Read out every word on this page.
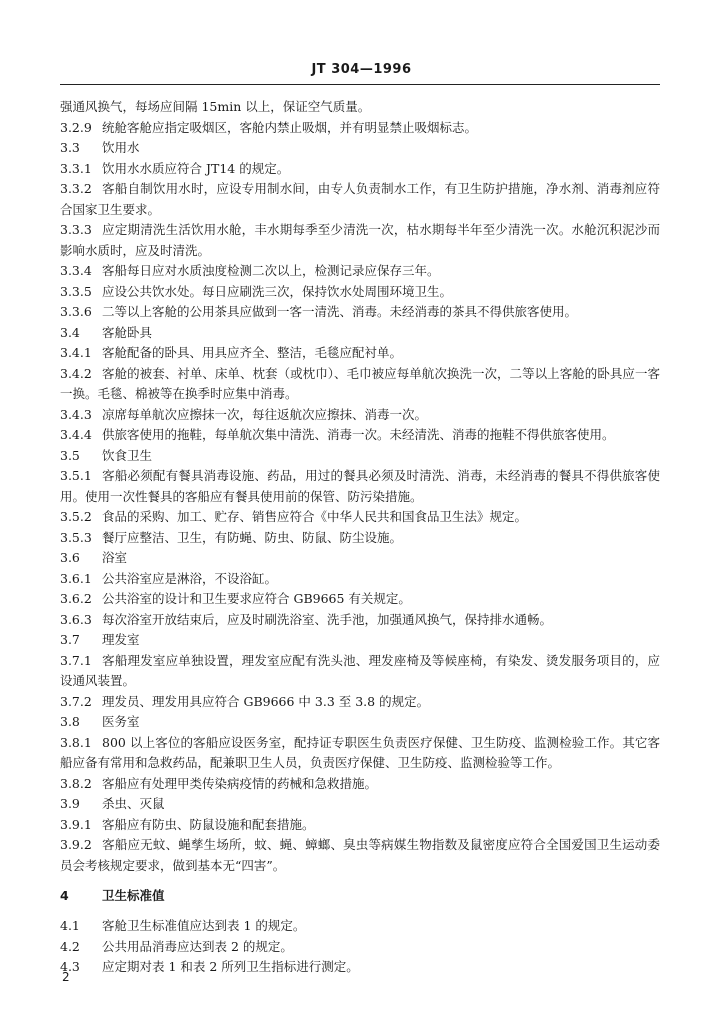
JT 304—1996

强通风换气，每场应间隔 15min 以上，保证空气质量。

3.2.9 统舱客舱应指定吸烟区，客舱内禁止吸烟，并有明显禁止吸烟标志。

3.3 饮用水

3.3.1 饮用水水质应符合 JT14 的规定。

3.3.2 客船自制饮用水时，应设专用制水间，由专人负责制水工作，有卫生防护措施，净水剂、消毒剂应符合国家卫生要求。

3.3.3 应定期清洗生活饮用水舱，丰水期每季至少清洗一次，枯水期每半年至少清洗一次。水舱沉积泥沙而影响水质时，应及时清洗。

3.3.4 客船每日应对水质浊度检测二次以上，检测记录应保存三年。

3.3.5 应设公共饮水处。每日应刷洗三次，保持饮水处周围环境卫生。

3.3.6 二等以上客舱的公用茶具应做到一客一清洗、消毒。未经消毒的茶具不得供旅客使用。

3.4 客舱卧具

3.4.1 客舱配备的卧具、用具应齐全、整洁，毛毯应配衬单。

3.4.2 客舱的被套、衬单、床单、枕套（或枕巾）、毛巾被应每单航次换洗一次，二等以上客舱的卧具应一客一换。毛毯、棉被等在换季时应集中消毒。

3.4.3 凉席每单航次应擦抹一次，每往返航次应擦抹、消毒一次。

3.4.4 供旅客使用的拖鞋，每单航次集中清洗、消毒一次。未经清洗、消毒的拖鞋不得供旅客使用。

3.5 饮食卫生

3.5.1 客船必须配有餐具消毒设施、药品，用过的餐具必须及时清洗、消毒，未经消毒的餐具不得供旅客使用。使用一次性餐具的客船应有餐具使用前的保管、防污染措施。

3.5.2 食品的采购、加工、贮存、销售应符合《中华人民共和国食品卫生法》规定。

3.5.3 餐厅应整洁、卫生，有防蝇、防虫、防鼠、防尘设施。

3.6 浴室

3.6.1 公共浴室应是淋浴，不设浴缸。

3.6.2 公共浴室的设计和卫生要求应符合 GB9665 有关规定。

3.6.3 每次浴室开放结束后，应及时刷洗浴室、洗手池，加强通风换气，保持排水通畅。

3.7 理发室

3.7.1 客船理发室应单独设置，理发室应配有洗头池、理发座椅及等候座椅，有染发、烫发服务项目的，应设通风装置。

3.7.2 理发员、理发用具应符合 GB9666 中 3.3 至 3.8 的规定。

3.8 医务室

3.8.1 800 以上客位的客船应设医务室，配持证专职医生负责医疗保健、卫生防疫、监测检验工作。其它客船应备有常用和急救药品，配兼职卫生人员，负责医疗保健、卫生防疫、监测检验等工作。

3.8.2 客船应有处理甲类传染病疫情的药械和急救措施。

3.9 杀虫、灭鼠

3.9.1 客船应有防虫、防鼠设施和配套措施。

3.9.2 客船应无蚊、蝇孳生场所，蚊、蝇、蟑螂、臭虫等病媒生物指数及鼠密度应符合全国爱国卫生运动委员会考核规定要求，做到基本无“四害”。

4	卫生标准值

4.1 客舱卫生标准值应达到表 1 的规定。

4.2 公共用品消毒应达到表 2 的规定。

4.3 应定期对表 1 和表 2 所列卫生指标进行测定。

2
